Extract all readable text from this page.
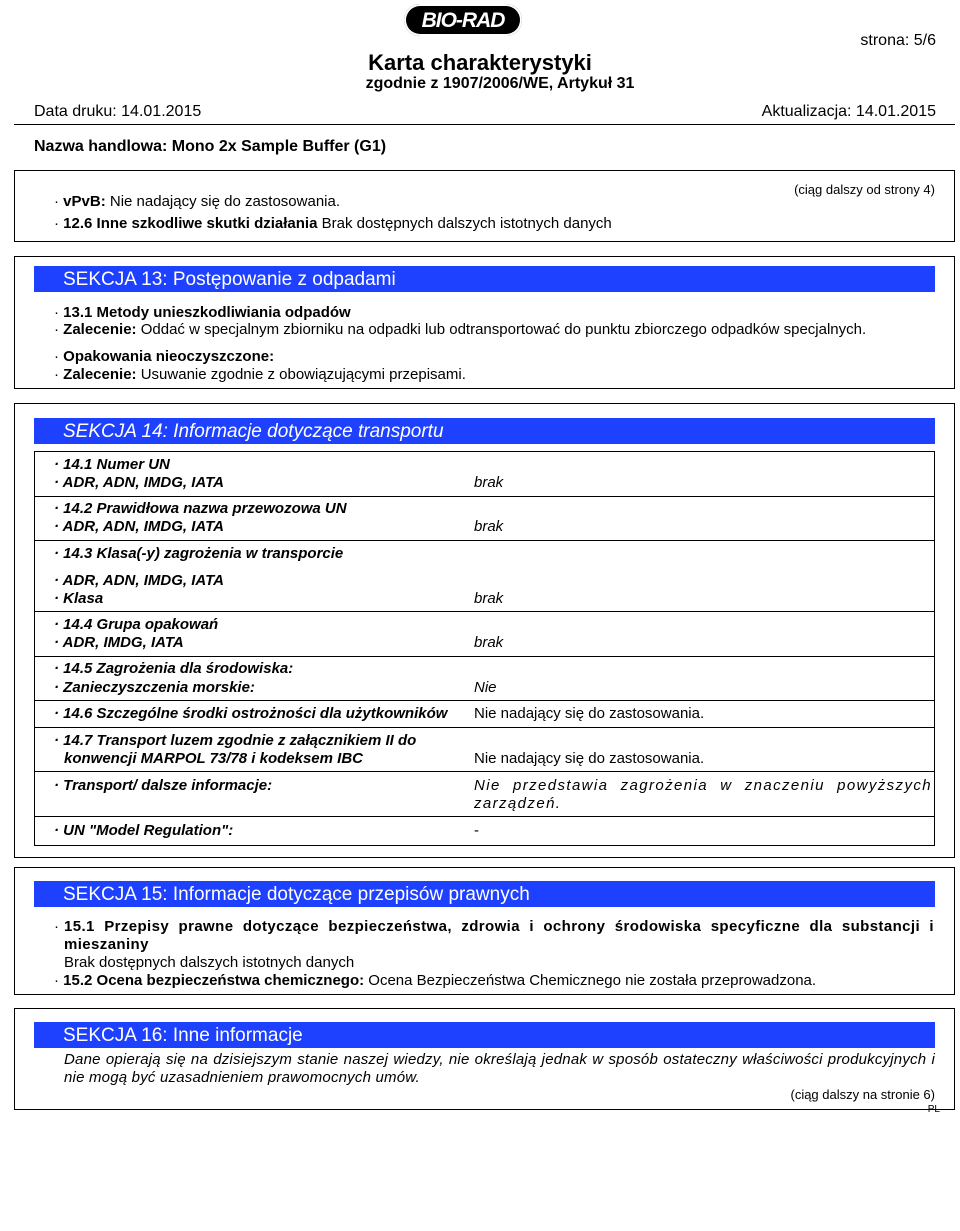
BIO-RAD
strona: 5/6
Karta charakterystyki
zgodnie z 1907/2006/WE, Artykuł 31
Data druku: 14.01.2015	Aktualizacja: 14.01.2015
Nazwa handlowa: Mono 2x Sample Buffer (G1)
(ciąg dalszy od strony 4)
· vPvB: Nie nadający się do zastosowania.
· 12.6 Inne szkodliwe skutki działania Brak dostępnych dalszych istotnych danych
SEKCJA 13: Postępowanie z odpadami
· 13.1 Metody unieszkodliwiania odpadów
· Zalecenie: Oddać w specjalnym zbiorniku na odpadki lub odtransportować do punktu zbiorczego odpadków specjalnych.
· Opakowania nieoczyszczone:
· Zalecenie: Usuwanie zgodnie z obowiązującymi przepisami.
SEKCJA 14: Informacje dotyczące transportu
· 14.1 Numer UN
· ADR, ADN, IMDG, IATA	brak
· 14.2 Prawidłowa nazwa przewozowa UN
· ADR, ADN, IMDG, IATA	brak
· 14.3 Klasa(-y) zagrożenia w transporcie
· ADR, ADN, IMDG, IATA
· Klasa	brak
· 14.4 Grupa opakowań
· ADR, IMDG, IATA	brak
· 14.5 Zagrożenia dla środowiska:
· Zanieczyszczenia morskie:	Nie
· 14.6 Szczególne środki ostrożności dla użytkowników Nie nadający się do zastosowania.
· 14.7 Transport luzem zgodnie z załącznikiem II do
konwencji MARPOL 73/78 i kodeksem IBC	Nie nadający się do zastosowania.
· Transport/ dalsze informacje:	Nie przedstawia zagrożenia w znaczeniu powyższych zarządzeń.
· UN "Model Regulation":	-
SEKCJA 15: Informacje dotyczące przepisów prawnych
· 15.1 Przepisy prawne dotyczące bezpieczeństwa, zdrowia i ochrony środowiska specyficzne dla substancji i mieszaniny
Brak dostępnych dalszych istotnych danych
· 15.2 Ocena bezpieczeństwa chemicznego: Ocena Bezpieczeństwa Chemicznego nie została przeprowadzona.
SEKCJA 16: Inne informacje
Dane opierają się na dzisiejszym stanie naszej wiedzy, nie określają jednak w sposób ostateczny właściwości produkcyjnych i nie mogą być uzasadnieniem prawomocnych umów.
(ciąg dalszy na stronie 6)
PL
